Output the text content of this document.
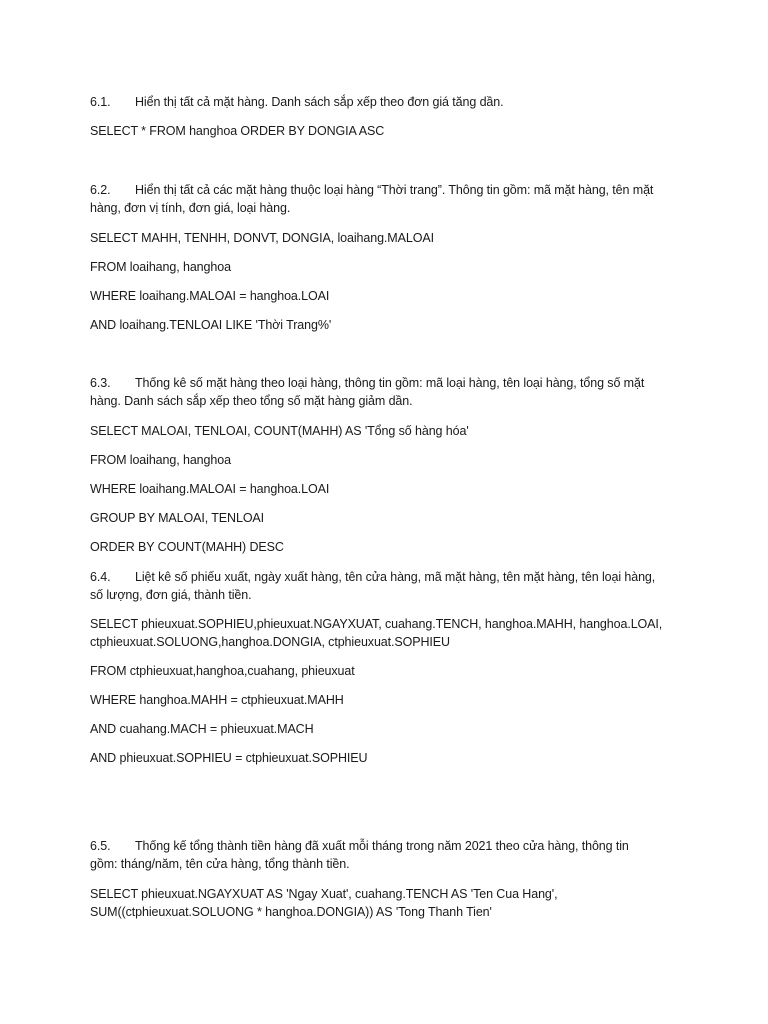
6.1. Hiển thị tất cả mặt hàng. Danh sách sắp xếp theo đơn giá tăng dần.
SELECT * FROM hanghoa ORDER BY DONGIA ASC
6.2. Hiển thị tất cả các mặt hàng thuộc loại hàng “Thời trang”. Thông tin gồm: mã mặt hàng, tên mặt
hàng, đơn vị tính, đơn giá, loại hàng.
SELECT MAHH, TENHH, DONVT, DONGIA, loaihang.MALOAI
FROM loaihang, hanghoa
WHERE loaihang.MALOAI = hanghoa.LOAI
AND loaihang.TENLOAI LIKE 'Thời Trang%'
6.3. Thống kê số mặt hàng theo loại hàng, thông tin gồm: mã loại hàng, tên loại hàng, tổng số mặt
hàng. Danh sách sắp xếp theo tổng số mặt hàng giảm dần.
SELECT MALOAI, TENLOAI, COUNT(MAHH) AS 'Tổng số hàng hóa'
FROM loaihang, hanghoa
WHERE loaihang.MALOAI = hanghoa.LOAI
GROUP BY MALOAI, TENLOAI
ORDER BY COUNT(MAHH) DESC
6.4. Liệt kê số phiếu xuất, ngày xuất hàng, tên cửa hàng, mã mặt hàng, tên mặt hàng, tên loại hàng,
số lượng, đơn giá, thành tiền.
SELECT phieuxuat.SOPHIEU,phieuxuat.NGAYXUAT, cuahang.TENCH, hanghoa.MAHH, hanghoa.LOAI,
ctphieuxuat.SOLUONG,hanghoa.DONGIA, ctphieuxuat.SOPHIEU
FROM ctphieuxuat,hanghoa,cuahang, phieuxuat
WHERE hanghoa.MAHH = ctphieuxuat.MAHH
AND cuahang.MACH = phieuxuat.MACH
AND phieuxuat.SOPHIEU = ctphieuxuat.SOPHIEU
6.5. Thống kế tổng thành tiền hàng đã xuất mỗi tháng trong năm 2021 theo cửa hàng, thông tin
gồm: tháng/năm, tên cửa hàng, tổng thành tiền.
SELECT phieuxuat.NGAYXUAT AS 'Ngay Xuat', cuahang.TENCH AS 'Ten Cua Hang',
SUM((ctphieuxuat.SOLUONG * hanghoa.DONGIA)) AS 'Tong Thanh Tien'
